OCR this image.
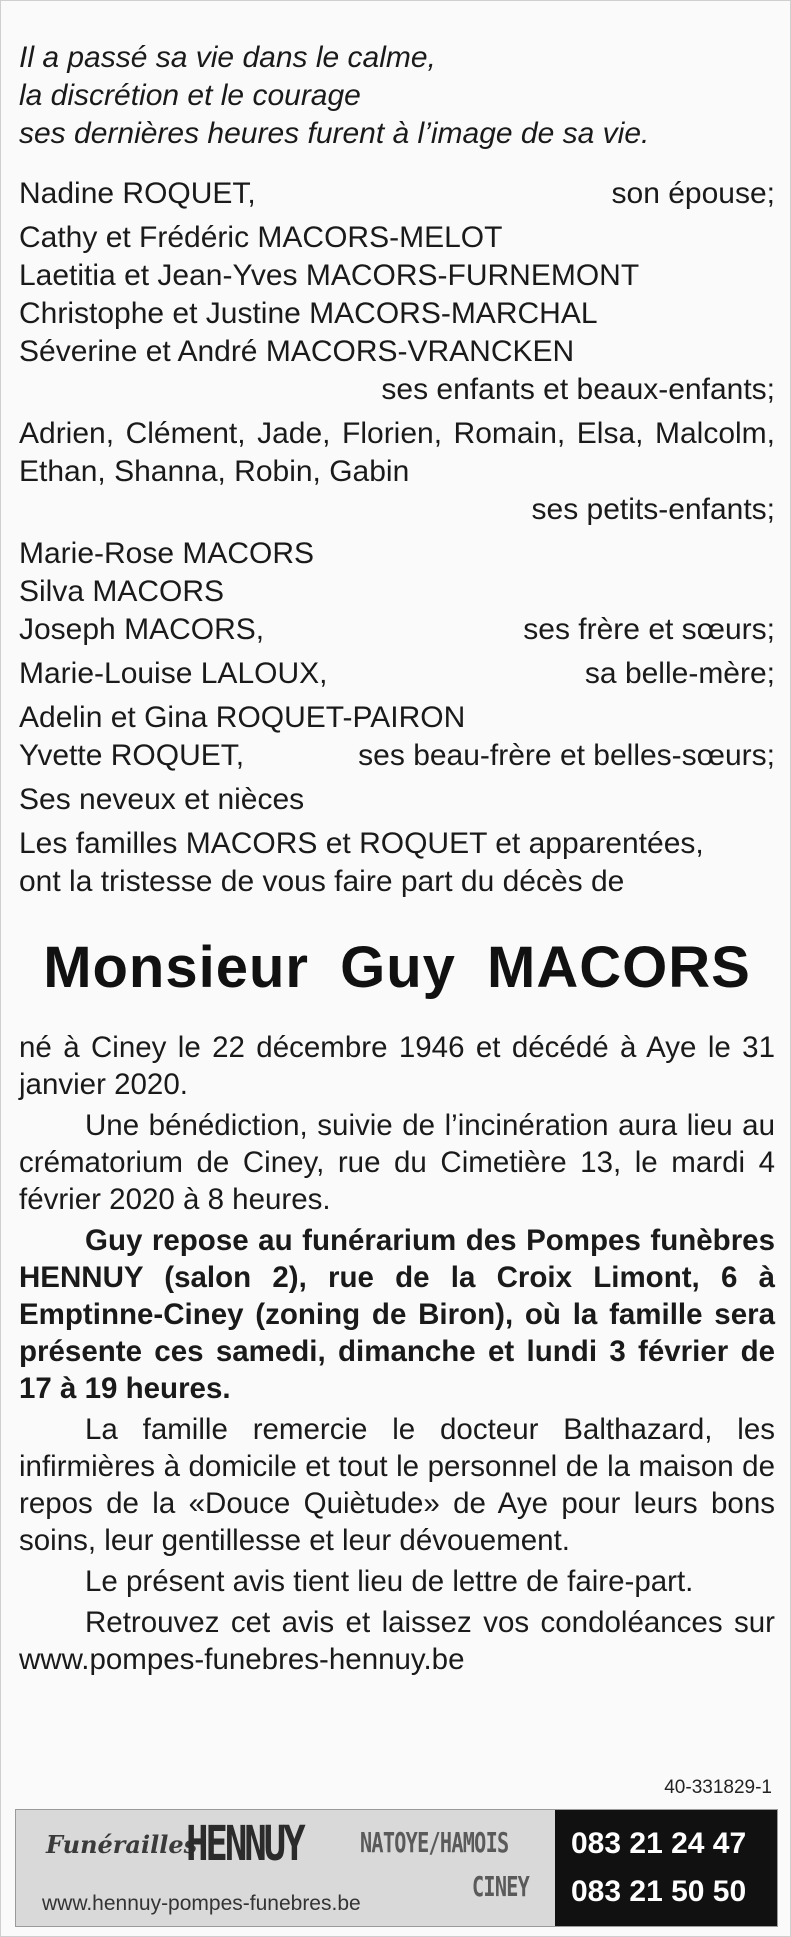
Il a passé sa vie dans le calme,
la discrétion et le courage
ses dernières heures furent à l’image de sa vie.
Nadine ROQUET,	son épouse;
Cathy et Frédéric MACORS-MELOT
Laetitia et Jean-Yves MACORS-FURNEMONT
Christophe et Justine MACORS-MARCHAL
Séverine et André MACORS-VRANCKEN
ses enfants et beaux-enfants;
Adrien, Clément, Jade, Florien, Romain, Elsa, Malcolm,
Ethan, Shanna, Robin, Gabin
ses petits-enfants;
Marie-Rose MACORS
Silva MACORS
Joseph MACORS,	ses frère et sœurs;
Marie-Louise LALOUX,	sa belle-mère;
Adelin et Gina ROQUET-PAIRON
Yvette ROQUET,	ses beau-frère et belles-sœurs;
Ses neveux et nièces
Les familles MACORS et ROQUET et apparentées,
ont la tristesse de vous faire part du décès de
Monsieur Guy MACORS

né à Ciney le 22 décembre 1946 et décédé à Aye le 31 janvier 2020.

Une bénédiction, suivie de l’incinération aura lieu au crématorium de Ciney, rue du Cimetière 13, le mardi 4 février 2020 à 8 heures.

Guy repose au funérarium des Pompes funèbres HENNUY (salon 2), rue de la Croix Limont, 6 à Emptinne-Ciney (zoning de Biron), où la famille sera présente ces samedi, dimanche et lundi 3 février de 17 à 19 heures.

La famille remercie le docteur Balthazard, les infirmières à domicile et tout le personnel de la maison de repos de la «Douce Quiètude» de Aye pour leurs bons soins, leur gentillesse et leur dévouement.

Le présent avis tient lieu de lettre de faire-part.

Retrouvez cet avis et laissez vos condoléances sur www.pompes-funebres-hennuy.be

40-331829-1
Funérailles
HENNUY NATOYE/HAMOIS
CINEY
www.hennuy-pompes-funebres.be
083 21 24 47
083 21 50 50
